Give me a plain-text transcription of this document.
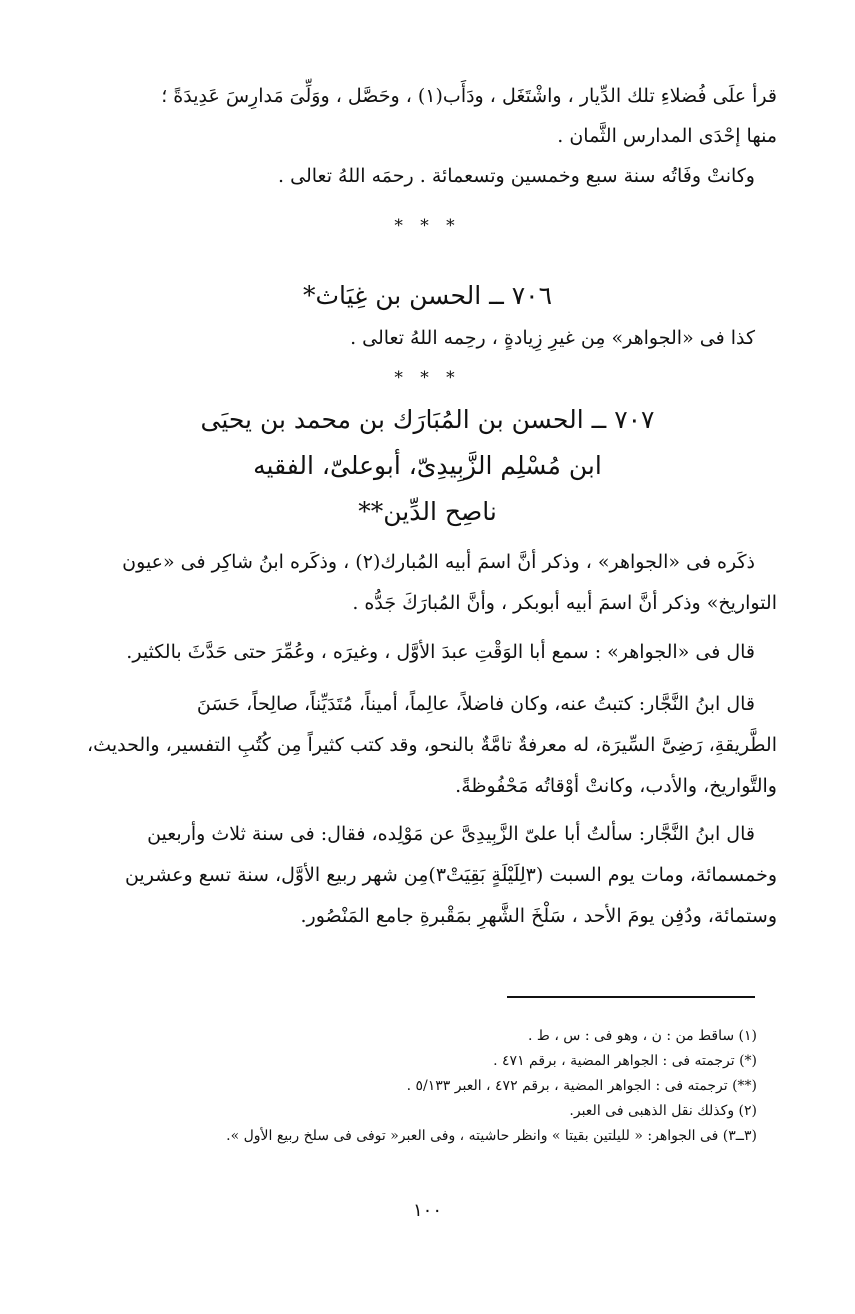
قرأ علَى فُضلاءِ تلك الدِّيار ، واشْتَغَل ، ودَأَب(١) ، وحَصَّل ، ووَلِّىَ مَدارِسَ عَدِيدَةً ؛

منها إحْدَى المدارس الثَّمان .

وكانتْ وفَاتُه سنة سبع وخمسين وتسعمائة . رحمَه اللهُ تعالى .

* * *
٧٠٦ ــ الحسن بن غِيَاث*

كذا فى «الجواهر» مِن غيرِ زِيادةٍ ، رحِمه اللهُ تعالى .

* * *
٧٠٧ ــ الحسن بن المُبَارَك بن محمد بن يحيَى
ابن مُسْلِم الزَّبِيدِىّ، أبوعلىّ، الفقيه
ناصِح الدِّين**

ذكَره فى «الجواهر» ، وذكر أنَّ اسمَ أبيه المُبارك(٢) ، وذكَره ابنُ شاكِر فى «عيون

التواريخ» وذكر أنَّ اسمَ أبيه أبوبكر ، وأنَّ المُبارَكَ جَدُّه .

قال فى «الجواهر» : سمع أبا الوَقْتِ عبدَ الأوَّل ، وغيرَه ، وعُمِّرَ حتى حَدَّثَ بالكثير.

قال ابنُ النَّجَّار: كتبتُ عنه، وكان فاضلاً، عالِماً، أميناً، مُتَدَيِّناً، صالِحاً، حَسَنَ

الطَّريقةِ، رَضِىَّ السِّيرَة، له معرفةٌ تامَّةٌ بالنحو، وقد كتب كثيراً مِن كُتُبِ التفسير، والحديث،

والتَّواريخ، والأدب، وكانتْ أوْقاتُه مَحْفُوظةً.

قال ابنُ النَّجَّار: سألتُ أبا علىّ الزَّبِيدِىَّ عن مَوْلِده، فقال: فى سنة ثلاث وأربعين

وخمسمائة، ومات يوم السبت (٣لِلَيْلَةٍ بَقِيَتْ٣)مِن شهر ربيع الأوَّل، سنة تسع وعشرين

وستمائة، ودُفِن يومَ الأحد ، سَلْخَ الشَّهرِ بمَقْبرةِ جامع المَنْصُور.

(١) ساقط من : ن ، وهو فى : س ، ط .
(*) ترجمته فى : الجواهر المضية ، برقم ٤٧١ .
(**) ترجمته فى : الجواهر المضية ، برقم ٤٧٢ ، العبر ٥/١٣٣ .
(٢) وكذلك نقل الذهبى فى العبر.
(٣ــ٣) فى الجواهر: « لليلتين بقيتا » وانظر حاشيته ، وفى العبر« توفى فى سلخ ربيع الأول ».
١٠٠
